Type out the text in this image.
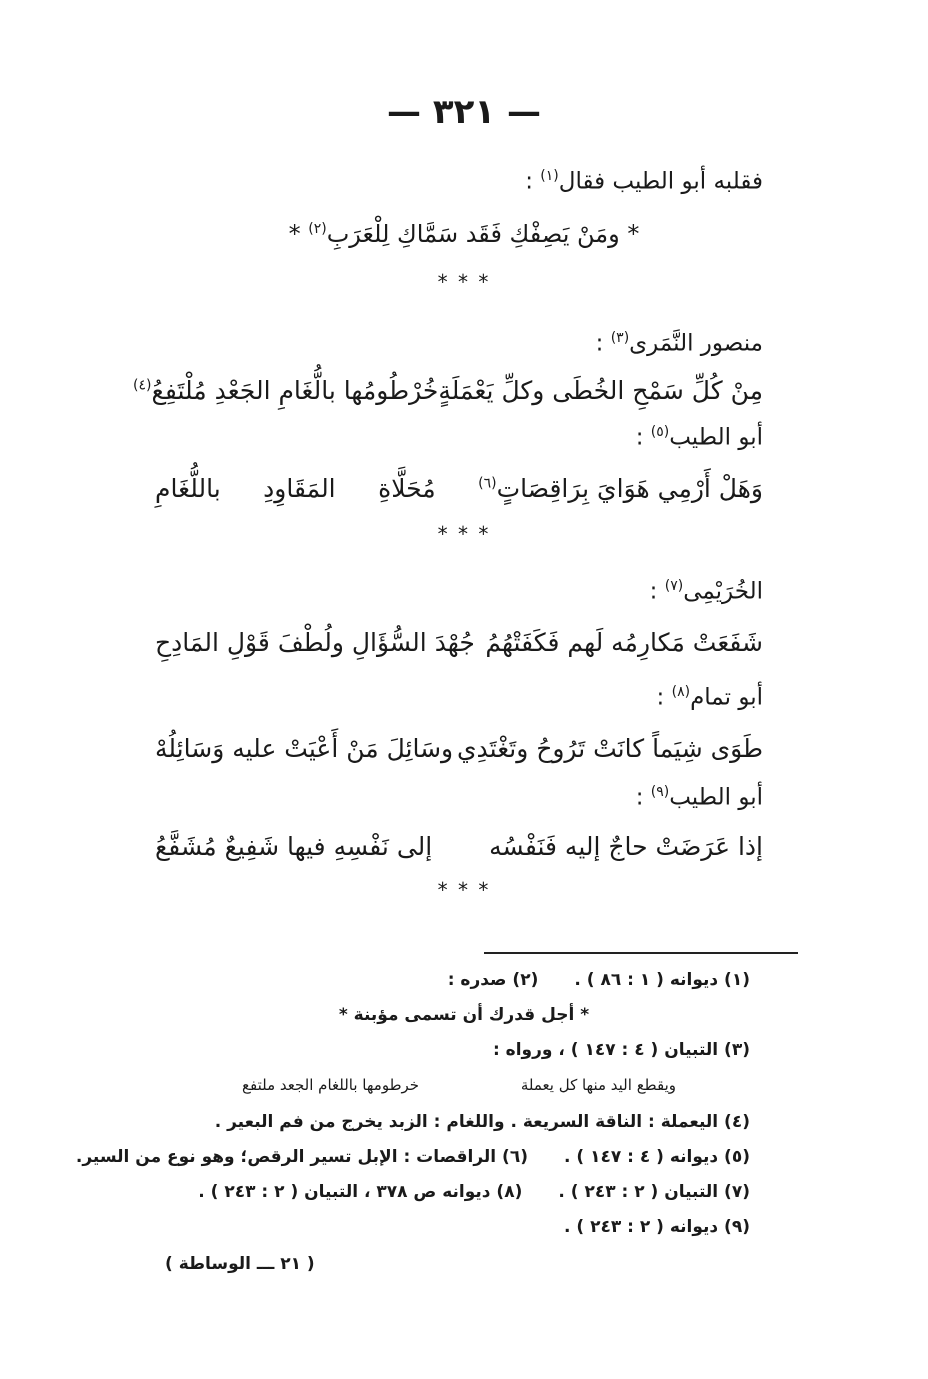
— ٣٢١ —
فقلبه أبو الطيب فقال$^{(١)}$ :
* ومَنْ يَصِفْكِ فَقَد سَمَّاكِ لِلْعَرَبِ$^{(٢)}$ *
* * *
منصور النَّمَرى$^{(٣)}$ :
مِنْ كُلِّ سَمْحِ الخُطَى وكلِّ يَعْمَلَةٍ
خُرْطُومُها بالُّغَامِ الجَعْدِ مُلْتَفِعُ$^{(٤)}$
أبو الطيب$^{(٥)}$ :
وَهَلْ أَرْمِي هَوَايَ بِرَاقِصَاتٍ$^{(٦)}$
مُحَلَّاةِ
المَقَاوِدِ
باللُّغَامِ
* * *
الخُرَيْمِى$^{(٧)}$ :
شَفَعَتْ مَكارِمُه لَهم فَكَفَتْهُمُ
جُهْدَ السُّؤَالِ ولُطْفَ قَوْلِ المَادِحِ
أبو تمام$^{(٨)}$ :
طَوَى شِيَماً كانَتْ تَرُوحُ وتَغْتَدِي
وسَائِلَ مَنْ أَعْيَتْ عليه وَسَائِلُهْ
أبو الطيب$^{(٩)}$ :
إذا عَرَضَتْ حاجٌ إليه فَنَفْسُه
إلى نَفْسِهِ فيها شَفِيعٌ مُشَفَّعُ
* * *
(١) ديوانه ( ١ : ٨٦ ) .(٢) صدره :
* أجل قدرك أن تسمى مؤبنة *
(٣) التبيان ( ٤ : ١٤٧ ) ، ورواه :
ويقطع اليد منها كل يعملة
خرطومها باللغام الجعد ملتفع
(٤) اليعملة : الناقة السريعة . واللغام : الزبد يخرج من فم البعير .
(٥) ديوانه ( ٤ : ١٤٧ ) .(٦) الراقصات : الإبل تسير الرقص؛ وهو نوع من السير.
(٧) التبيان ( ٢ : ٢٤٣ ) .(٨) ديوانه ص ٣٧٨ ، التبيان ( ٢ : ٢٤٣ ) .
(٩) ديوانه ( ٢ : ٢٤٣ ) .
( ٢١ ـــ الوساطة )
